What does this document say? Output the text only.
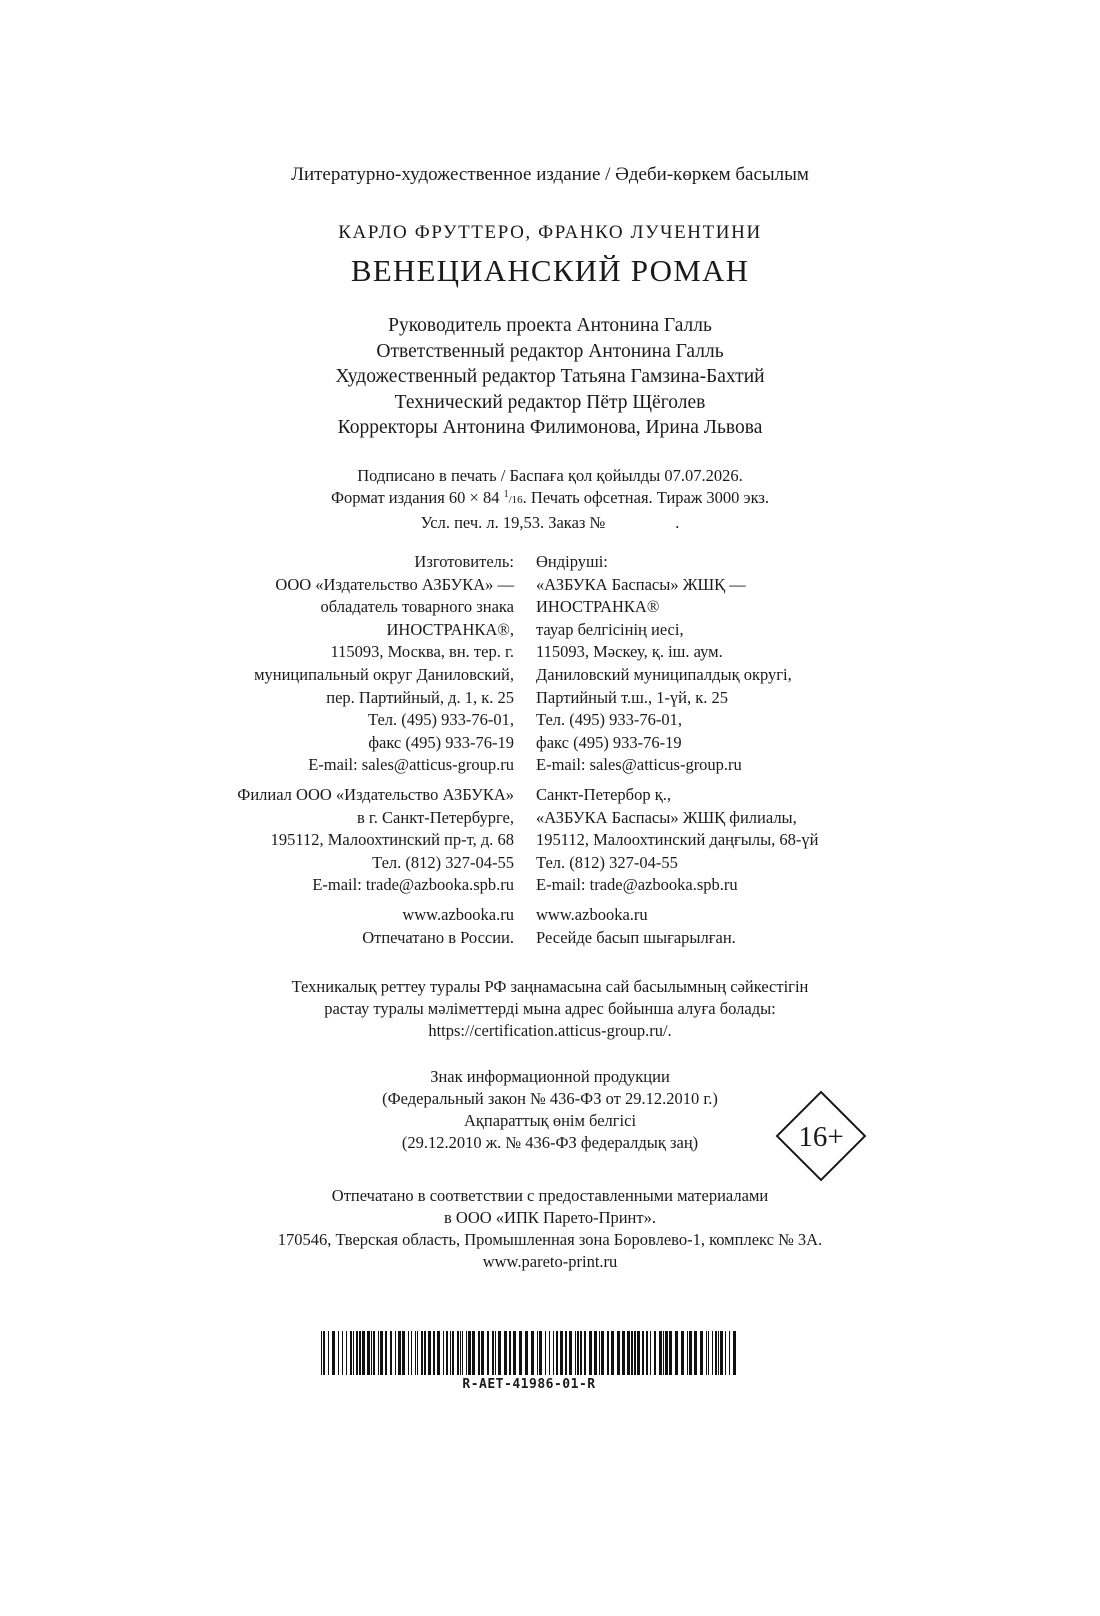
Литературно-художественное издание / Әдеби-көркем басылым
КАРЛО ФРУТТЕРО, ФРАНКО ЛУЧЕНТИНИ
ВЕНЕЦИАНСКИЙ РОМАН
Руководитель проекта Антонина Галль
Ответственный редактор Антонина Галль
Художественный редактор Татьяна Гамзина-Бахтий
Технический редактор Пётр Щёголев
Корректоры Антонина Филимонова, Ирина Львова
Подписано в печать / Баспаға қол қойылды 07.07.2026.
Формат издания 60 × 84 $^1$/16. Печать офсетная. Тираж 3000 экз.
Усл. печ. л. 19,53. Заказ №	.
Изготовитель:
ООО «Издательство АЗБУКА» —
обладатель товарного знака
ИНОСТРАНКА®,
115093, Москва, вн. тер. г.
муниципальный округ Даниловский,
пер. Партийный, д. 1, к. 25
Тел. (495) 933-76-01,
факс (495) 933-76-19
E-mail: sales@atticus-group.ru
Филиал ООО «Издательство АЗБУКА»
в г. Санкт-Петербурге,
195112, Малоохтинский пр-т, д. 68
Тел. (812) 327-04-55
E-mail: trade@azbooka.spb.ru
www.azbooka.ru
Отпечатано в России.
Өндіруші:
«АЗБУКА Баспасы» ЖШҚ —
ИНОСТРАНКА®
тауар белгісінің иесі,
115093, Мәскеу, қ. іш. аум.
Даниловский муниципалдық округі,
Партийный т.ш., 1-үй, к. 25
Тел. (495) 933-76-01,
факс (495) 933-76-19
E-mail: sales@atticus-group.ru
Санкт-Петербор қ.,
«АЗБУКА Баспасы» ЖШҚ филиалы,
195112, Малоохтинский даңғылы, 68-үй
Тел. (812) 327-04-55
E-mail: trade@azbooka.spb.ru
www.azbooka.ru
Ресейде басып шығарылған.
Техникалық реттеу туралы РФ заңнамасына сай басылымның сәйкестігін
растау туралы мәліметтерді мына адрес бойынша алуға болады:
https://certification.atticus-group.ru/.
Знак информационной продукции
(Федеральный закон № 436-ФЗ от 29.12.2010 г.)
Ақпараттық өнім белгісі
(29.12.2010 ж. № 436-ФЗ федералдық заң)	16+
Отпечатано в соответствии с предоставленными материалами
в ООО «ИПК Парето-Принт».
170546, Тверская область, Промышленная зона Боровлево-1, комплекс № 3А.
www.pareto-print.ru
R-AET-41986-01-R
